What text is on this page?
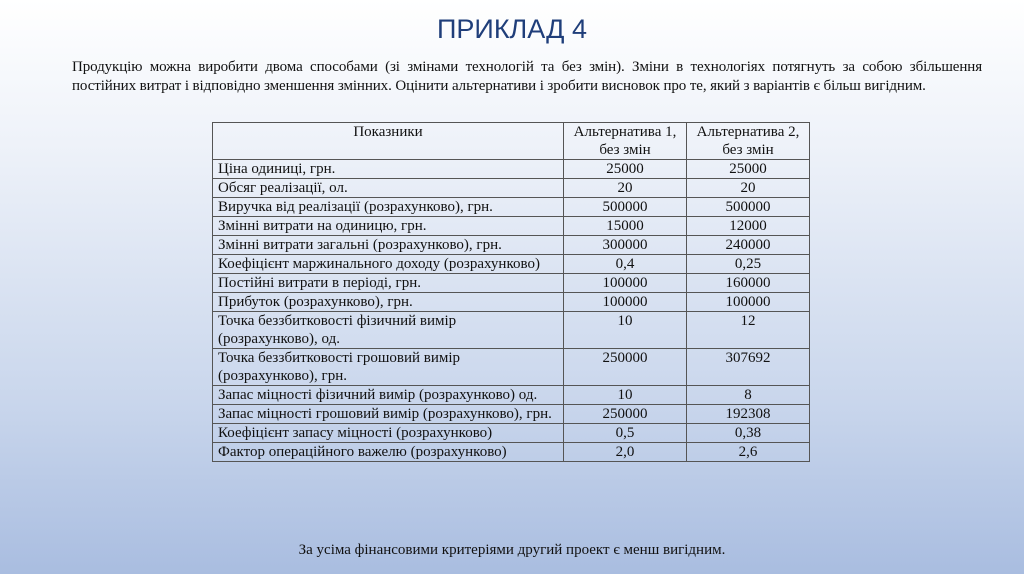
ПРИКЛАД 4
Продукцію можна виробити двома способами (зі змінами технологій та без змін). Зміни в технологіях потягнуть за собою збільшення постійних витрат і відповідно зменшення змінних. Оцінити альтернативи і зробити висновок про те, який з варіантів є більш вигідним.
Показники	Альтернатива 1, без змін	Альтернатива 2, без змін
Ціна одиниці, грн.	25000	25000
Обсяг реалізації, ол.	20	20
Виручка від реалізації (розрахунково), грн.	500000	500000
Змінні витрати на одиницю, грн.	15000	12000
Змінні витрати загальні (розрахунково), грн.	300000	240000
Коефіцієнт маржинального доходу (розрахунково)	0,4	0,25
Постійні витрати в періоді, грн.	100000	160000
Прибуток (розрахунково), грн.	100000	100000
Точка беззбитковості фізичний вимір (розрахунково), од.	10	12
Точка беззбитковості грошовий вимір (розрахунково), грн.	250000	307692
Запас міцності фізичний вимір (розрахунково) од.	10	8
Запас міцності грошовий вимір (розрахунково), грн.	250000	192308
Коефіцієнт запасу міцності (розрахунково)	0,5	0,38
Фактор операційного важелю (розрахунково)	2,0	2,6
За усіма фінансовими критеріями другий проект є менш вигідним.
